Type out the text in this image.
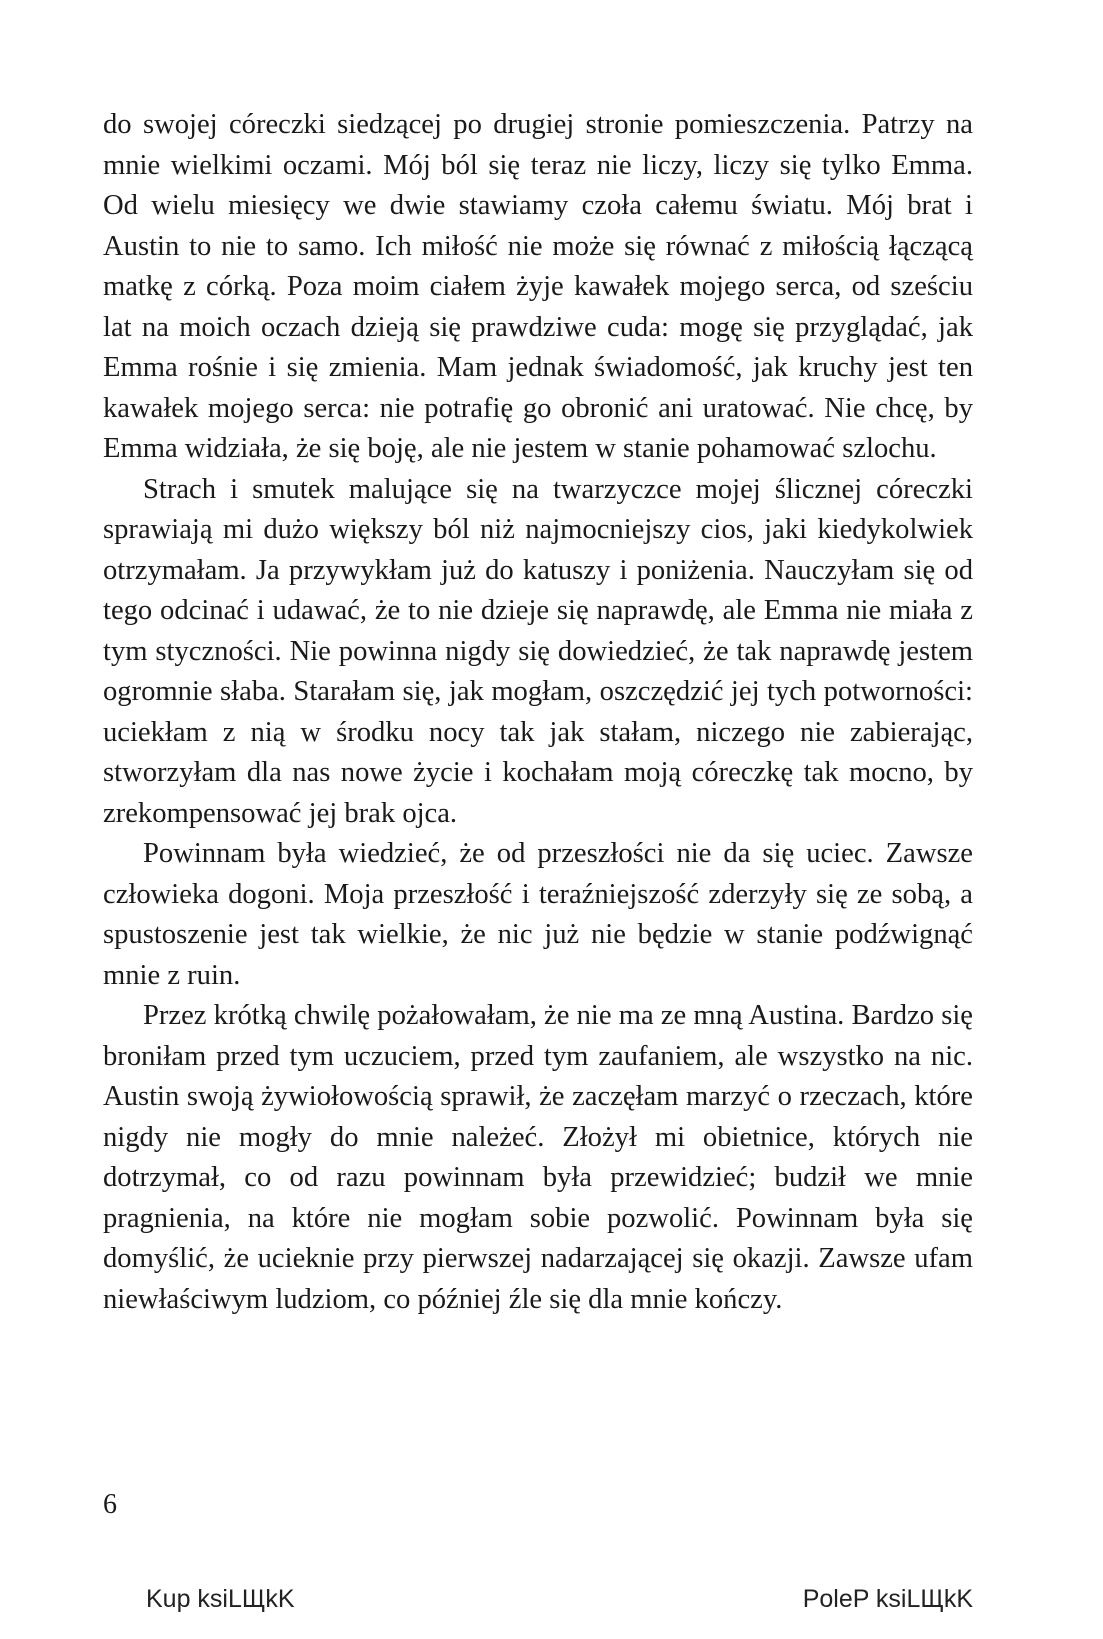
do swojej córeczki siedzącej po drugiej stronie pomieszczenia. Patrzy na mnie wielkimi oczami. Mój ból się teraz nie liczy, liczy się tylko Emma. Od wielu miesięcy we dwie stawiamy czoła całemu światu. Mój brat i Austin to nie to samo. Ich miłość nie może się równać z miłością łączącą matkę z córką. Poza moim ciałem żyje kawałek mojego serca, od sześciu lat na moich oczach dzieją się prawdziwe cuda: mogę się przyglądać, jak Emma rośnie i się zmienia. Mam jednak świadomość, jak kruchy jest ten kawałek mojego serca: nie potrafię go obronić ani uratować. Nie chcę, by Emma widziała, że się boję, ale nie jestem w stanie pohamować szlochu.

Strach i smutek malujące się na twarzyczce mojej ślicznej córeczki sprawiają mi dużo większy ból niż najmocniejszy cios, jaki kiedykolwiek otrzymałam. Ja przywykłam już do katuszy i poniżenia. Nauczyłam się od tego odcinać i udawać, że to nie dzieje się naprawdę, ale Emma nie miała z tym styczności. Nie powinna nigdy się dowiedzieć, że tak naprawdę jestem ogromnie słaba. Starałam się, jak mogłam, oszczędzić jej tych potworności: uciekłam z nią w środku nocy tak jak stałam, niczego nie zabierając, stworzyłam dla nas nowe życie i kochałam moją córeczkę tak mocno, by zrekompensować jej brak ojca.

Powinnam była wiedzieć, że od przeszłości nie da się uciec. Zawsze człowieka dogoni. Moja przeszłość i teraźniejszość zderzyły się ze sobą, a spustoszenie jest tak wielkie, że nic już nie będzie w stanie podźwignąć mnie z ruin.

Przez krótką chwilę pożałowałam, że nie ma ze mną Austina. Bardzo się broniłam przed tym uczuciem, przed tym zaufaniem, ale wszystko na nic. Austin swoją żywiołowością sprawił, że zaczęłam marzyć o rzeczach, które nigdy nie mogły do mnie należeć. Złożył mi obietnice, których nie dotrzymał, co od razu powinnam była przewidzieć; budził we mnie pragnienia, na które nie mogłam sobie pozwolić. Powinnam była się domyślić, że ucieknie przy pierwszej nadarzającej się okazji. Zawsze ufam niewłaściwym ludziom, co później źle się dla mnie kończy.

6
Kup ksiLЩkK	PoleP ksiLЩkK
